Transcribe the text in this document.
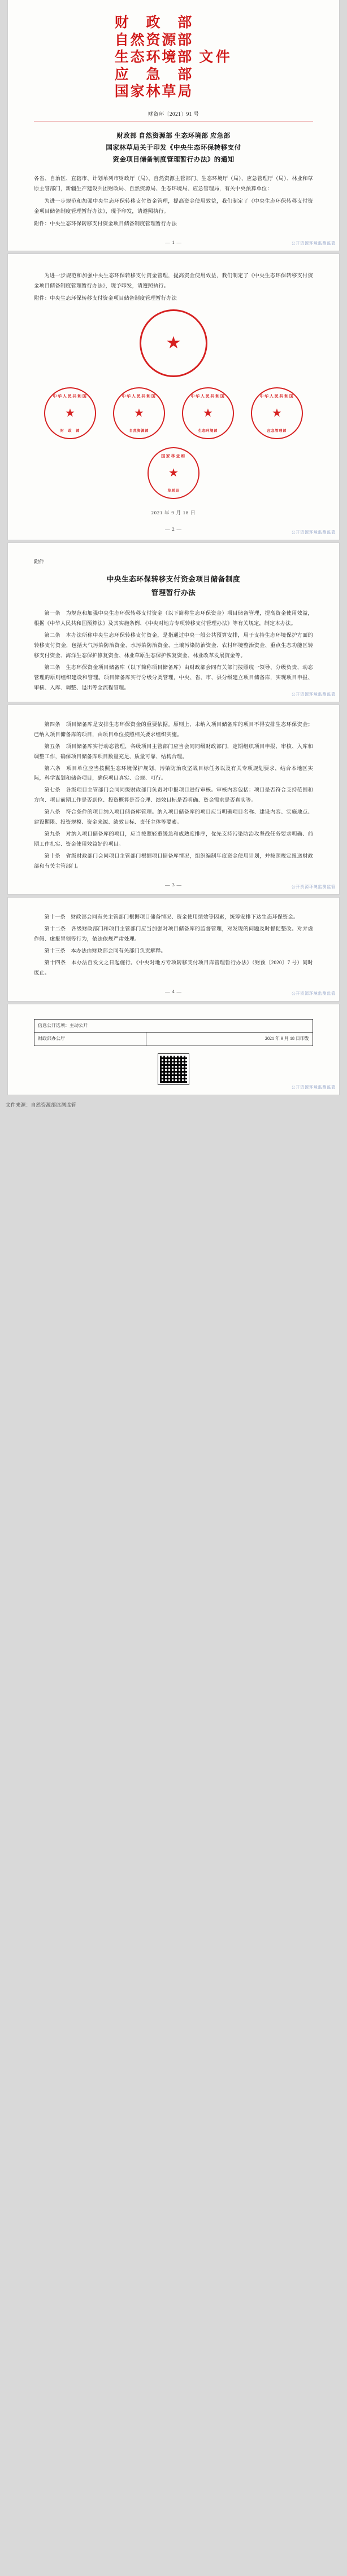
财　政　部
自然资源部
生态环境部
应　急　部
国家林草局
文件
财资环〔2021〕91 号
财政部 自然资源部 生态环境部 应急部
国家林草局关于印发《中央生态环保转移支付
资金项目储备制度管理暂行办法》的通知

各省、自治区、直辖市、计划单列市财政厅（局）、自然资源主管部门、生态环境厅（局）、应急管理厅（局）、林业和草原主管部门，新疆生产建设兵团财政局、自然资源局、生态环境局、应急管理局，有关中央预算单位：

为进一步规范和加强中央生态环保转移支付资金管理，提高资金使用效益，我们制定了《中央生态环保转移支付资金项目储备制度管理暂行办法》，现予印发，请遵照执行。

附件：中央生态环保转移支付资金项目储备制度管理暂行办法

— 1 —	公开资源环境监测监管

为进一步规范和加强中央生态环保转移支付资金管理，提高资金使用效益，我们制定了《中央生态环保转移支付资金项目储备制度管理暂行办法》，现予印发，请遵照执行。

附件：中央生态环保转移支付资金项目储备制度管理暂行办法

★
中华人民共和国
★
财　政　部
中华人民共和国
★
自然资源部
中华人民共和国
★
生态环境部
中华人民共和国
★
应急管理部
国家林业和
★
草原局
2021 年 9 月 18 日
— 2 —
公开资源环境监测监管
附件
中央生态环保转移支付资金项目储备制度
管理暂行办法

第一条　为规范和加强中央生态环保转移支付资金（以下简称生态环保资金）项目储备管理，提高资金使用效益，根据《中华人民共和国预算法》及其实施条例、《中央对地方专项转移支付管理办法》等有关规定，制定本办法。

第二条　本办法所称中央生态环保转移支付资金，是指通过中央一般公共预算安排，用于支持生态环境保护方面的转移支付资金，包括大气污染防治资金、水污染防治资金、土壤污染防治资金、农村环境整治资金、重点生态功能区转移支付资金、海洋生态保护修复资金、林业草原生态保护恢复资金、林业改革发展资金等。

第三条　生态环保资金项目储备库（以下简称项目储备库）由财政部会同有关部门按照统一领导、分级负责、动态管理的原则组织建设和管理。项目储备库实行分级分类管理，中央、省、市、县分级建立项目储备库，实现项目申报、审核、入库、调整、退出等全流程管理。

公开资源环境监测监管

第四条　项目储备库是安排生态环保资金的重要依据。原则上，未纳入项目储备库的项目不得安排生态环保资金；已纳入项目储备库的项目，由项目单位按照相关要求组织实施。

第五条　项目储备库实行动态管理，各级项目主管部门应当会同同级财政部门，定期组织项目申报、审核、入库和调整工作，确保项目储备库项目数量充足、质量可靠、结构合理。

第六条　项目单位应当按照生态环境保护规划、污染防治攻坚战目标任务以及有关专项规划要求，结合本地区实际，科学谋划和储备项目，确保项目真实、合规、可行。

第七条　各级项目主管部门会同同级财政部门负责对申报项目进行审核。审核内容包括：项目是否符合支持范围和方向、项目前期工作是否到位、投资概算是否合理、绩效目标是否明确、资金需求是否真实等。

第八条　符合条件的项目纳入项目储备库管理。纳入项目储备库的项目应当明确项目名称、建设内容、实施地点、建设期限、投资规模、资金来源、绩效目标、责任主体等要素。

第九条　对纳入项目储备库的项目，应当按照轻重缓急和成熟度排序，优先支持污染防治攻坚战任务要求明确、前期工作扎实、资金使用效益好的项目。

第十条　省级财政部门会同项目主管部门根据项目储备库情况，组织编制年度资金使用计划，并按照规定报送财政部和有关主管部门。

— 3 —	公开资源环境监测监管

第十一条　财政部会同有关主管部门根据项目储备情况、资金使用绩效等因素，统筹安排下达生态环保资金。

第十二条　各级财政部门和项目主管部门应当加强对项目储备库的监督管理，对发现的问题及时督促整改。对弄虚作假、虚报冒领等行为，依法依规严肃处理。

第十三条　本办法由财政部会同有关部门负责解释。

第十四条　本办法自发文之日起施行。《中央对地方专项转移支付项目库管理暂行办法》（财预〔2020〕7 号）同时废止。

— 4 —	公开资源环境监测监管
信息公开选项：主动公开
财政部办公厅	2021 年 9 月 18 日印发
公开资源环境监测监管
文件来源：自然资源部监测监管
